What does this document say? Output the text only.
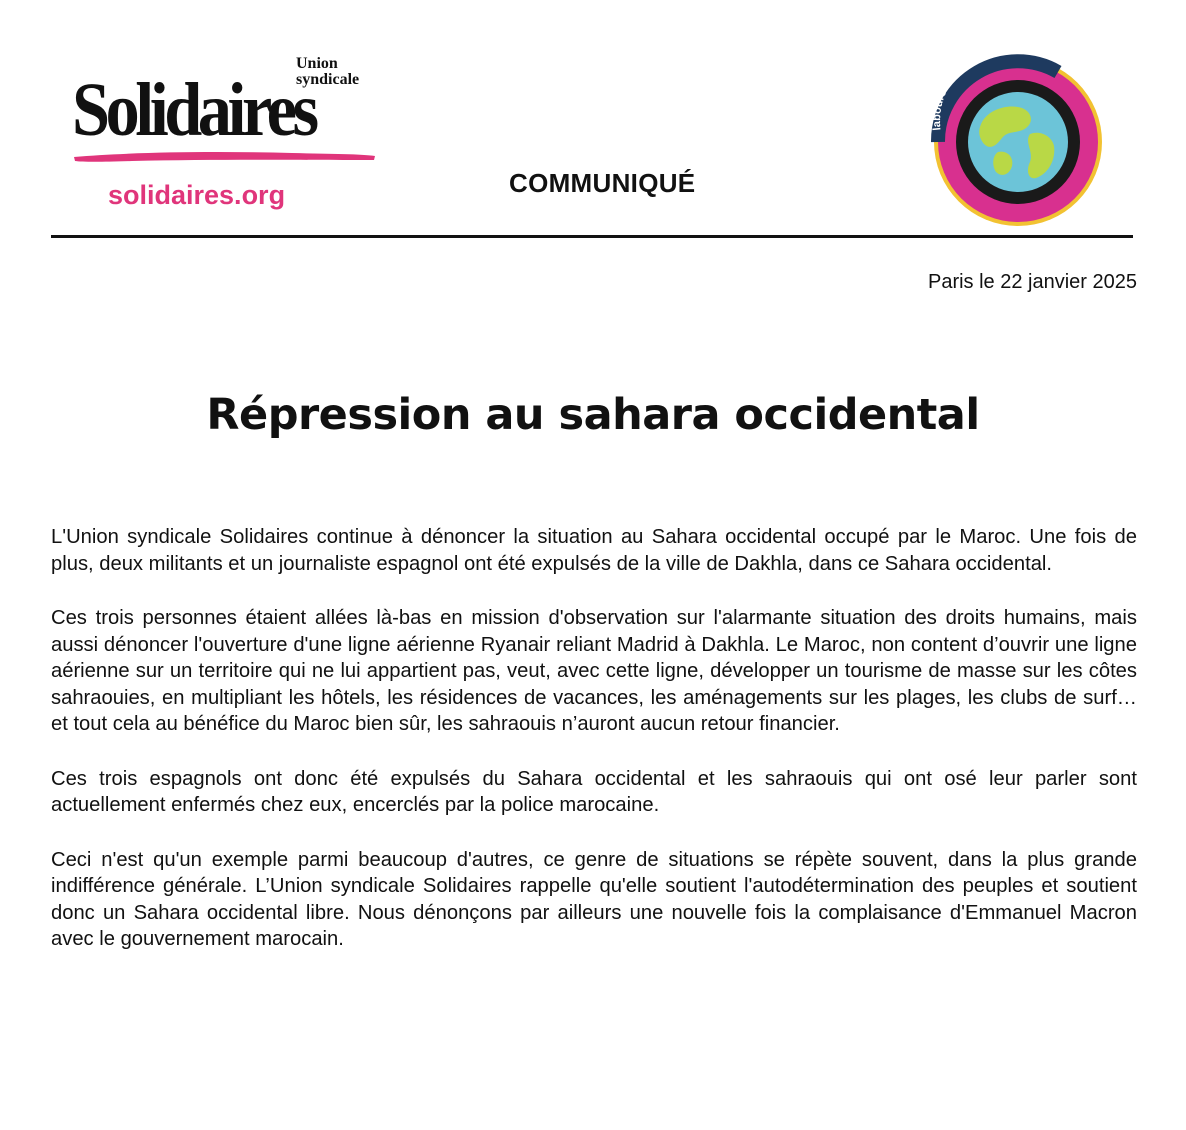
Union syndicale
Solidaires
solidaires.org	COMMUNIQUÉ
laboursolidarity.org
Paris le 22 janvier 2025
Répression au sahara occidental

L'Union syndicale Solidaires continue à dénoncer la situation au Sahara occidental occupé par le Maroc. Une fois de plus, deux militants et un journaliste espagnol ont été expulsés de la ville de Dakhla, dans ce Sahara occidental.

Ces trois personnes étaient allées là-bas en mission d'observation sur l'alarmante situation des droits humains, mais aussi dénoncer l'ouverture d'une ligne aérienne Ryanair reliant Madrid à Dakhla. Le Maroc, non content d’ouvrir une ligne aérienne sur un territoire qui ne lui appartient pas, veut, avec cette ligne, développer un tourisme de masse sur les côtes sahraouies, en multipliant les hôtels, les résidences de vacances, les aménagements sur les plages, les clubs de surf… et tout cela au bénéfice du Maroc bien sûr, les sahraouis n’auront aucun retour financier.

Ces trois espagnols ont donc été expulsés du Sahara occidental et les sahraouis qui ont osé leur parler sont actuellement enfermés chez eux, encerclés par la police marocaine.

Ceci n'est qu'un exemple parmi beaucoup d'autres, ce genre de situations se répète souvent, dans la plus grande indifférence générale. L’Union syndicale Solidaires rappelle qu'elle soutient l'autodétermination des peuples et soutient donc un Sahara occidental libre. Nous dénonçons par ailleurs une nouvelle fois la complaisance d'Emmanuel Macron avec le gouvernement marocain.
